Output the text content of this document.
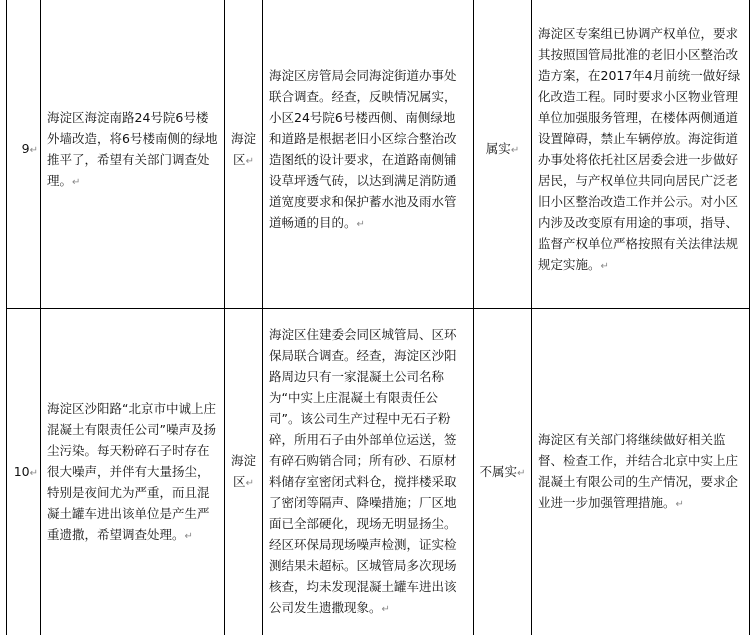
9↵	海淀区海淀南路24号院6号楼外墙改造，将6号楼南侧的绿地推平了，希望有关部门调查处理。↵	海淀区↵	海淀区房管局会同海淀街道办事处联合调查。经查，反映情况属实，小区24号院6号楼西侧、南侧绿地和道路是根据老旧小区综合整治改造图纸的设计要求，在道路南侧铺设草坪透气砖，以达到满足消防通道宽度要求和保护蓄水池及雨水管道畅通的目的。↵	属实↵	海淀区专案组已协调产权单位，要求其按照国管局批准的老旧小区整治改造方案，在2017年4月前统一做好绿化改造工程。同时要求小区物业管理单位加强服务管理，在楼体两侧通道设置障碍，禁止车辆停放。海淀街道办事处将依托社区居委会进一步做好居民，与产权单位共同向居民广泛老旧小区整治改造工作并公示。对小区内涉及改变原有用途的事项，指导、监督产权单位严格按照有关法律法规规定实施。↵
10↵	海淀区沙阳路“北京市中诚上庄混凝土有限责任公司”噪声及扬尘污染。每天粉碎石子时存在很大噪声，并伴有大量扬尘，特别是夜间尤为严重，而且混凝土罐车进出该单位是产生严重遗撒，希望调查处理。↵	海淀区↵	海淀区住建委会同区城管局、区环保局联合调查。经查，海淀区沙阳路周边只有一家混凝土公司名称为“中实上庄混凝土有限责任公司”。该公司生产过程中无石子粉碎，所用石子由外部单位运送，签有碎石购销合同；所有砂、石原材料储存室密闭式料仓，搅拌楼采取了密闭等隔声、降噪措施；厂区地面已全部硬化，现场无明显扬尘。经区环保局现场噪声检测，证实检测结果未超标。区城管局多次现场核查，均未发现混凝土罐车进出该公司发生遗撒现象。↵	不属实↵	海淀区有关部门将继续做好相关监督、检查工作，并结合北京中实上庄混凝土有限公司的生产情况，要求企业进一步加强管理措施。↵
